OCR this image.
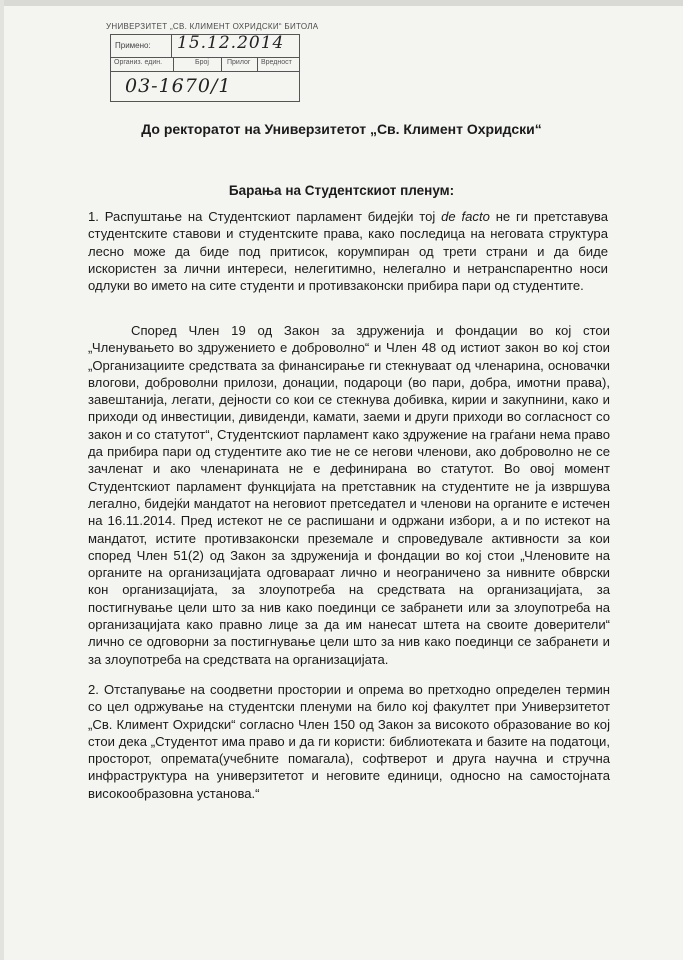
УНИВЕРЗИТЕТ „СВ. КЛИМЕНТ ОХРИДСКИ“ БИТОЛА
Примено: 15.12.2014
Организ. един.	Број	Прилог Вредност
03-1670/1
До ректоратот на Универзитетот „Св. Климент Охридски“
Барања на Студентскиот пленум:

1. Распуштање на Студентскиот парламент бидејќи тој de facto не ги претставува студентските ставови и студентските права, како последица на неговата структура лесно може да биде под притисок, корумпиран од трети страни и да биде искористен за лични интереси, нелегитимно, нелегално и нетранспарентно носи одлуки во името на сите студенти и противзаконски прибира пари од студентите.

Според Член 19 од Закон за здруженија и фондации во кој стои „Членувањето во здружението е доброволно“ и Член 48 од истиот закон во кој стои „Организациите средствата за финансирање ги стекнуваат од членарина, основачки влогови, доброволни прилози, донации, подароци (во пари, добра, имотни права), завештанија, легати, дејности со кои се стекнува добивка, кирии и закупнини, како и приходи од инвестиции, дивиденди, камати, заеми и други приходи во согласност со закон и со статутот“, Студентскиот парламент како здружение на граѓани нема право да прибира пари од студентите ако тие не се негови членови, ако доброволно не се зачленат и ако членарината не е дефинирана во статутот. Во овој момент Студентскиот парламент функцијата на претставник на студентите не ја извршува легално, бидејќи мандатот на неговиот претседател и членови на органите е истечен на 16.11.2014. Пред истекот не се распишани и одржани избори, а и по истекот на мандатот, истите противзаконски преземале и спроведувале активности за кои според Член 51(2) од Закон за здруженија и фондации во кој стои „Членовите на органите на организацијата одговараат лично и неограничено за нивните обврски кон организацијата, за злоупотреба на средствата на организацијата, за постигнување цели што за нив како поединци се забранети или за злоупотреба на организацијата како правно лице за да им нанесат штета на своите доверители“ лично се одговорни за постигнување цели што за нив како поединци се забранети и за злоупотреба на средствата на организацијата.

2. Отстапување на соодветни простории и опрема во претходно определен термин со цел одржување на студентски пленуми на било кој факултет при Универзитетот „Св. Климент Охридски“ согласно Член 150 од Закон за високото образование во кој стои дека „Студентот има право и да ги користи: библиотеката и базите на податоци, просторот, опремата(учебните помагала), софтверот и друга научна и стручна инфраструктура на универзитетот и неговите единици, односно на самостојната високообразовна установа.“
